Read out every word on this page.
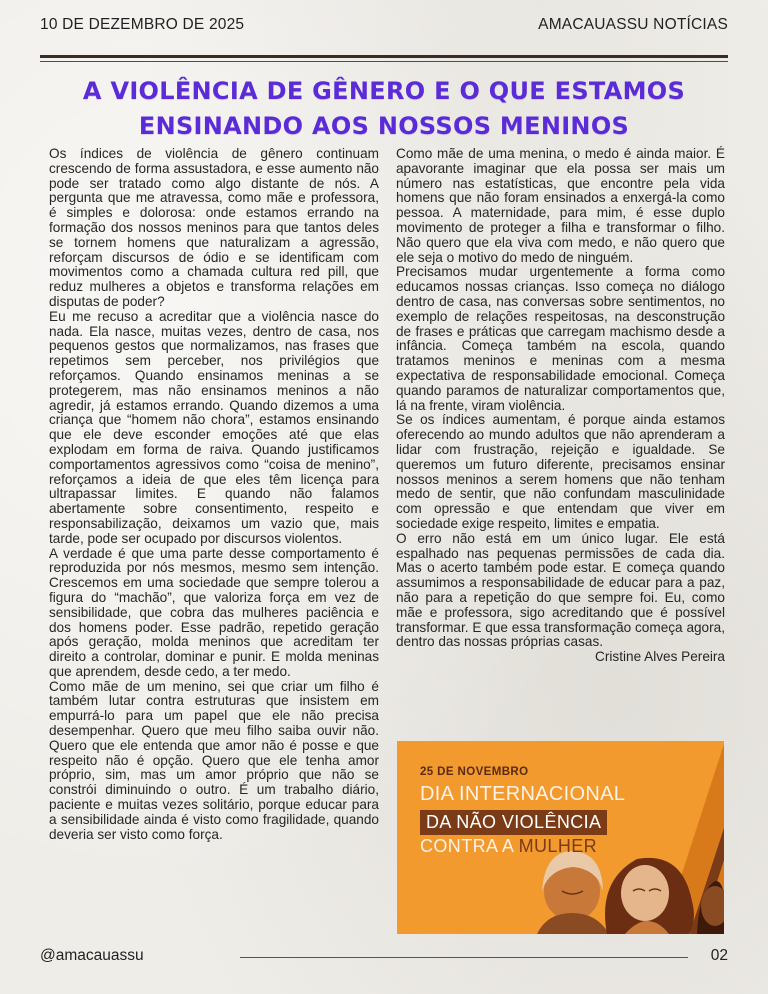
10 DE DEZEMBRO DE 2025	AMACAUASSU NOTÍCIAS
A VIOLÊNCIA DE GÊNERO E O QUE ESTAMOS ENSINANDO AOS NOSSOS MENINOS

Os índices de violência de gênero continuam crescendo de forma assustadora, e esse aumento não pode ser tratado como algo distante de nós. A pergunta que me atravessa, como mãe e professora, é simples e dolorosa: onde estamos errando na formação dos nossos meninos para que tantos deles se tornem homens que naturalizam a agressão, reforçam discursos de ódio e se identificam com movimentos como a chamada cultura red pill, que reduz mulheres a objetos e transforma relações em disputas de poder?

Eu me recuso a acreditar que a violência nasce do nada. Ela nasce, muitas vezes, dentro de casa, nos pequenos gestos que normalizamos, nas frases que repetimos sem perceber, nos privilégios que reforçamos. Quando ensinamos meninas a se protegerem, mas não ensinamos meninos a não agredir, já estamos errando. Quando dizemos a uma criança que “homem não chora”, estamos ensinando que ele deve esconder emoções até que elas explodam em forma de raiva. Quando justificamos comportamentos agressivos como “coisa de menino”, reforçamos a ideia de que eles têm licença para ultrapassar limites. E quando não falamos abertamente sobre consentimento, respeito e responsabilização, deixamos um vazio que, mais tarde, pode ser ocupado por discursos violentos.

A verdade é que uma parte desse comportamento é reproduzida por nós mesmos, mesmo sem intenção. Crescemos em uma sociedade que sempre tolerou a figura do “machão”, que valoriza força em vez de sensibilidade, que cobra das mulheres paciência e dos homens poder. Esse padrão, repetido geração após geração, molda meninos que acreditam ter direito a controlar, dominar e punir. E molda meninas que aprendem, desde cedo, a ter medo.

Como mãe de um menino, sei que criar um filho é também lutar contra estruturas que insistem em empurrá-lo para um papel que ele não precisa desempenhar. Quero que meu filho saiba ouvir não. Quero que ele entenda que amor não é posse e que respeito não é opção. Quero que ele tenha amor próprio, sim, mas um amor próprio que não se constrói diminuindo o outro. É um trabalho diário, paciente e muitas vezes solitário, porque educar para a sensibilidade ainda é visto como fragilidade, quando deveria ser visto como força.

Como mãe de uma menina, o medo é ainda maior. É apavorante imaginar que ela possa ser mais um número nas estatísticas, que encontre pela vida homens que não foram ensinados a enxergá-la como pessoa. A maternidade, para mim, é esse duplo movimento de proteger a filha e transformar o filho. Não quero que ela viva com medo, e não quero que ele seja o motivo do medo de ninguém.

Precisamos mudar urgentemente a forma como educamos nossas crianças. Isso começa no diálogo dentro de casa, nas conversas sobre sentimentos, no exemplo de relações respeitosas, na desconstrução de frases e práticas que carregam machismo desde a infância. Começa também na escola, quando tratamos meninos e meninas com a mesma expectativa de responsabilidade emocional. Começa quando paramos de naturalizar comportamentos que, lá na frente, viram violência.

Se os índices aumentam, é porque ainda estamos oferecendo ao mundo adultos que não aprenderam a lidar com frustração, rejeição e igualdade. Se queremos um futuro diferente, precisamos ensinar nossos meninos a serem homens que não tenham medo de sentir, que não confundam masculinidade com opressão e que entendam que viver em sociedade exige respeito, limites e empatia.

O erro não está em um único lugar. Ele está espalhado nas pequenas permissões de cada dia. Mas o acerto também pode estar. E começa quando assumimos a responsabilidade de educar para a paz, não para a repetição do que sempre foi. Eu, como mãe e professora, sigo acreditando que é possível transformar. E que essa transformação começa agora, dentro das nossas próprias casas.

Cristine Alves Pereira

25 DE NOVEMBRO
DIA INTERNACIONAL
DA NÃO VIOLÊNCIA
CONTRA A MULHER
@amacauassu	02
